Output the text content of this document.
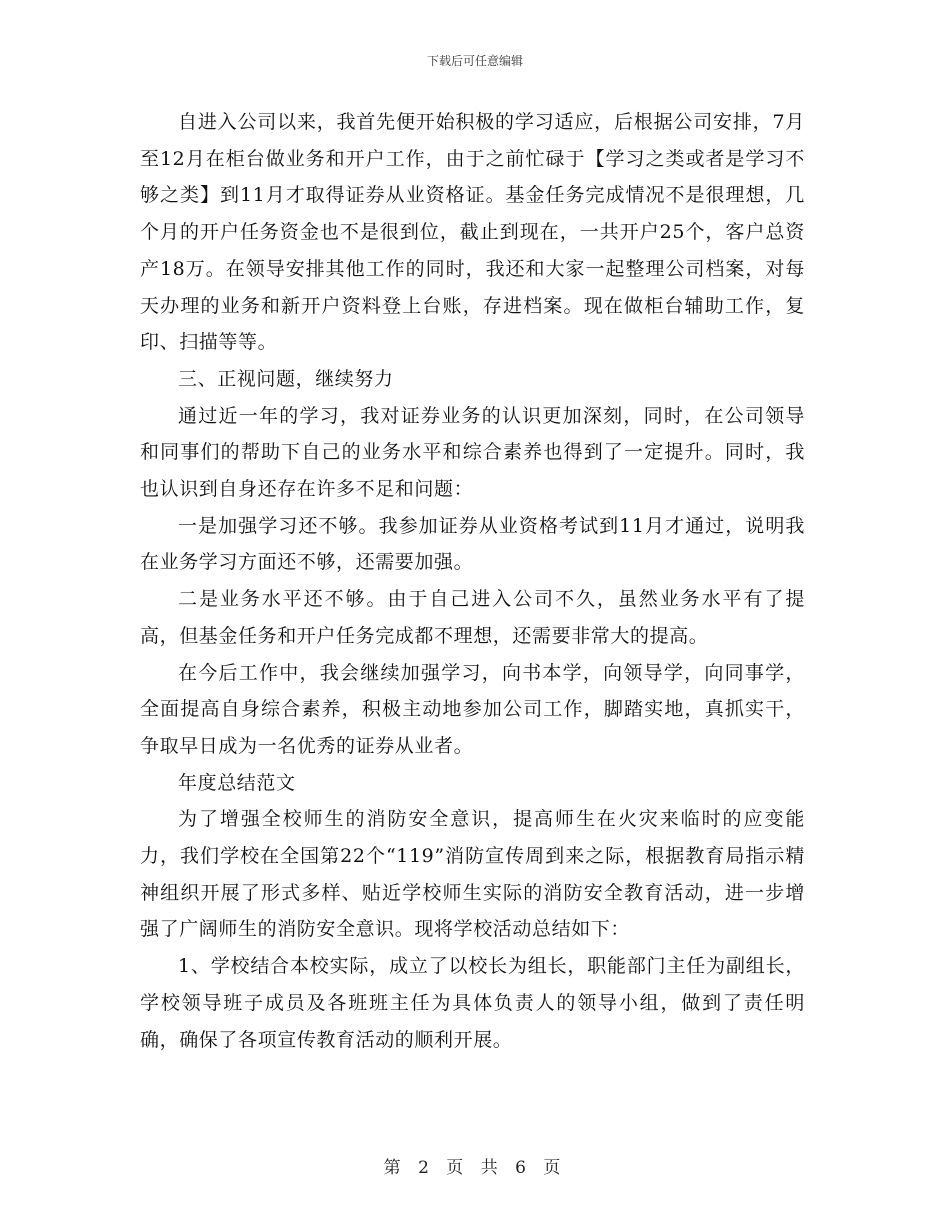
下载后可任意编辑

自进入公司以来，我首先便开始积极的学习适应，后根据公司安排，7月至12月在柜台做业务和开户工作，由于之前忙碌于【学习之类或者是学习不够之类】到11月才取得证券从业资格证。基金任务完成情况不是很理想，几个月的开户任务资金也不是很到位，截止到现在，一共开户25个，客户总资产18万。在领导安排其他工作的同时，我还和大家一起整理公司档案，对每天办理的业务和新开户资料登上台账，存进档案。现在做柜台辅助工作，复印、扫描等等。

三、正视问题，继续努力

通过近一年的学习，我对证券业务的认识更加深刻，同时，在公司领导和同事们的帮助下自己的业务水平和综合素养也得到了一定提升。同时，我也认识到自身还存在许多不足和问题：

一是加强学习还不够。我参加证券从业资格考试到11月才通过，说明我在业务学习方面还不够，还需要加强。

二是业务水平还不够。由于自己进入公司不久，虽然业务水平有了提高，但基金任务和开户任务完成都不理想，还需要非常大的提高。

在今后工作中，我会继续加强学习，向书本学，向领导学，向同事学，全面提高自身综合素养，积极主动地参加公司工作，脚踏实地，真抓实干，争取早日成为一名优秀的证券从业者。

年度总结范文

为了增强全校师生的消防安全意识，提高师生在火灾来临时的应变能力，我们学校在全国第22个“119”消防宣传周到来之际，根据教育局指示精神组织开展了形式多样、贴近学校师生实际的消防安全教育活动，进一步增强了广阔师生的消防安全意识。现将学校活动总结如下：

1、学校结合本校实际，成立了以校长为组长，职能部门主任为副组长，学校领导班子成员及各班班主任为具体负责人的领导小组，做到了责任明确，确保了各项宣传教育活动的顺利开展。

第 2 页 共 6 页
